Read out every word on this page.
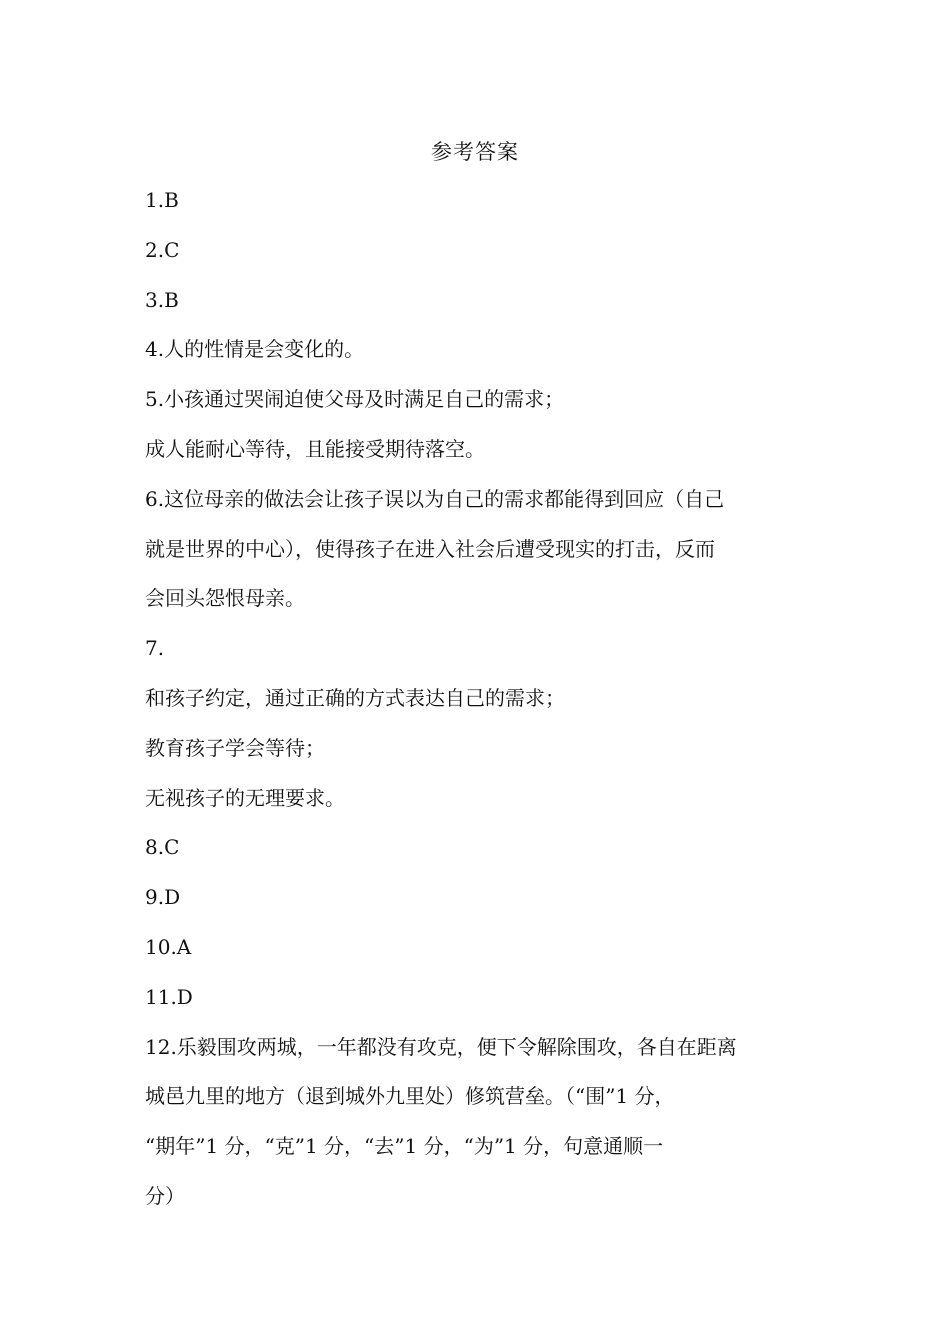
参考答案
1.B
2.C
3.B
4.人的性情是会变化的。
5.小孩通过哭闹迫使父母及时满足自己的需求；
成人能耐心等待，且能接受期待落空。
6.这位母亲的做法会让孩子误以为自己的需求都能得到回应（自己
就是世界的中心），使得孩子在进入社会后遭受现实的打击，反而
会回头怨恨母亲。
7.
和孩子约定，通过正确的方式表达自己的需求；
教育孩子学会等待；
无视孩子的无理要求。
8.C
9.D
10.A
11.D
12.乐毅围攻两城，一年都没有攻克，便下令解除围攻，各自在距离
城邑九里的地方（退到城外九里处）修筑营垒。（“围”1 分，
“期年”1 分，“克”1 分，“去”1 分，“为”1 分，句意通顺一
分）
